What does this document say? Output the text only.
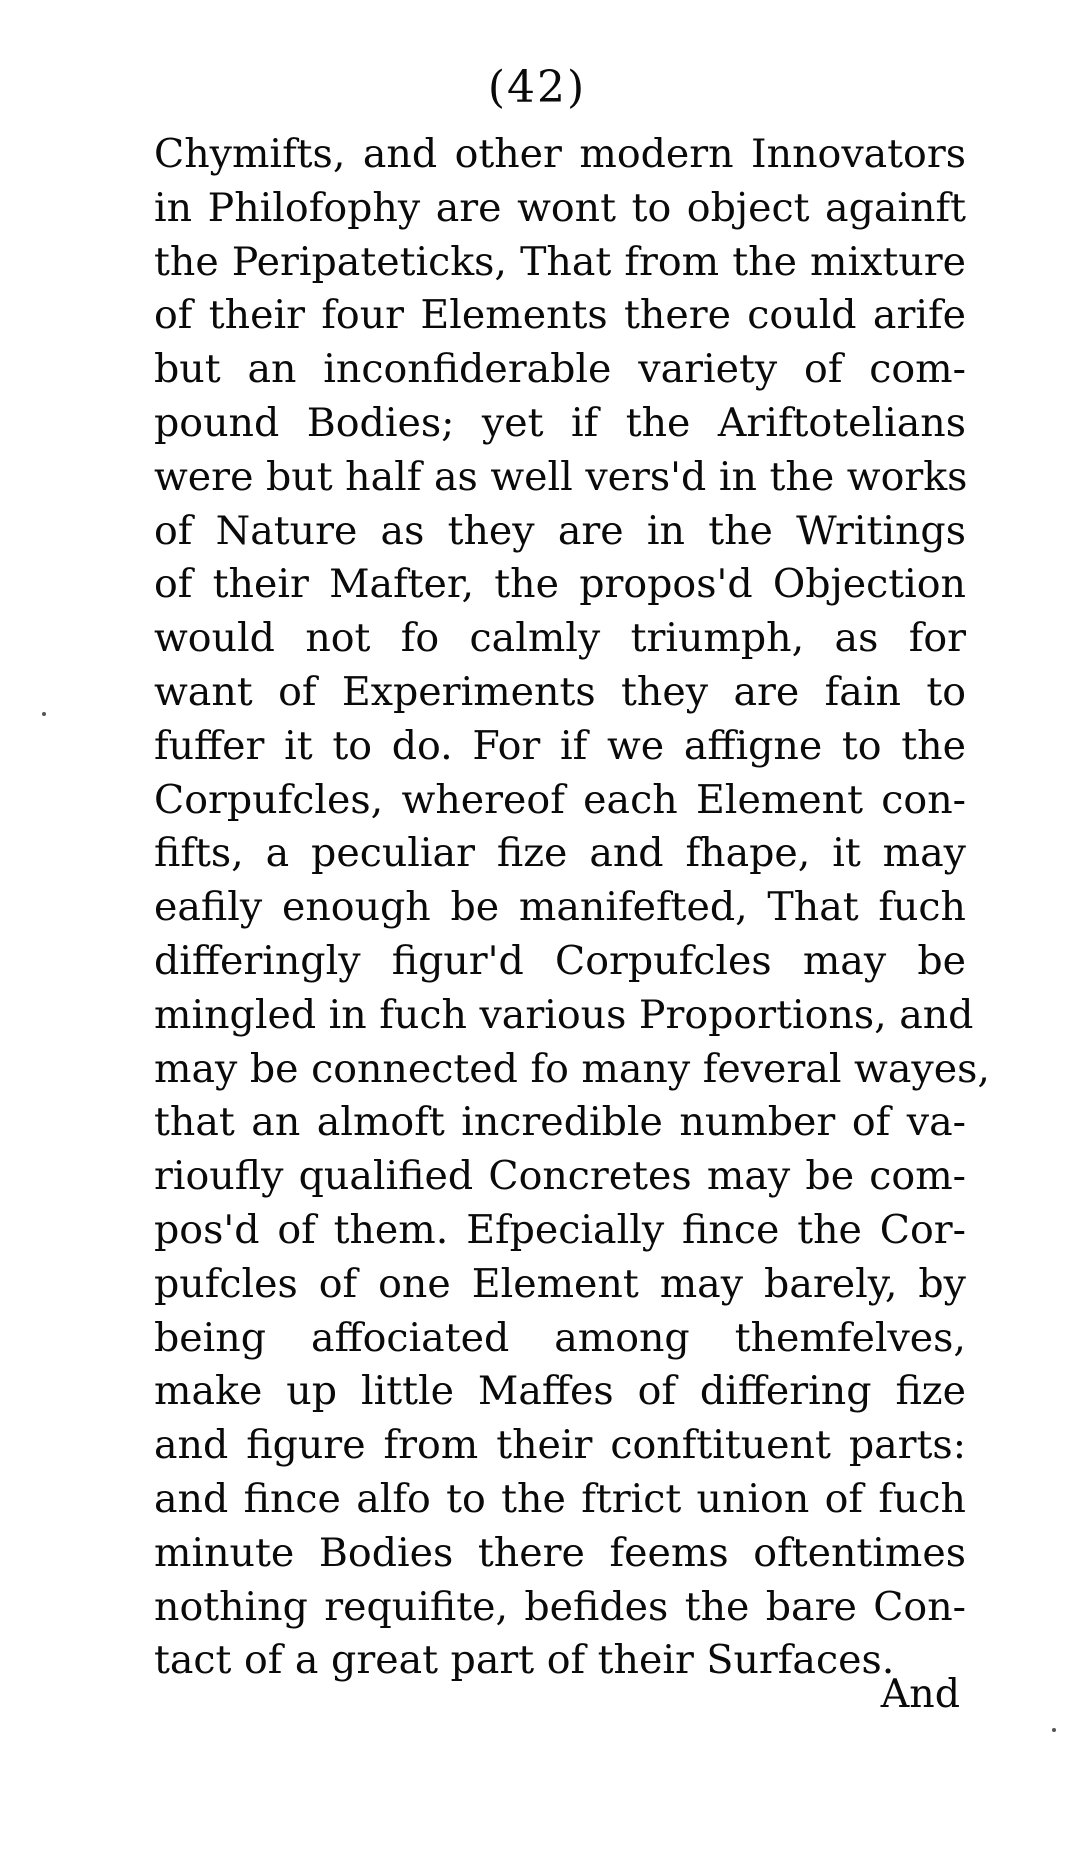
(42)
Chymifts, and other modern Innovators
in Philofophy are wont to object againft
the Peripateticks, That from the mixture
of their four Elements there could arife
but an inconfiderable variety of com-
pound Bodies; yet if the Ariftotelians
were but half as well vers'd in the works
of Nature as they are in the Writings
of their Mafter, the propos'd Objection
would not fo calmly triumph, as for
want of Experiments they are fain to
fuffer it to do. For if we affigne to the
Corpufcles, whereof each Element con-
fifts, a peculiar fize and fhape, it may
eafily enough be manifefted, That fuch
differingly figur'd Corpufcles may be
mingled in fuch various Proportions, and
may be connected fo many feveral wayes,
that an almoft incredible number of va-
rioufly qualified Concretes may be com-
pos'd of them. Efpecially fince the Cor-
pufcles of one Element may barely, by
being affociated among themfelves,
make up little Maffes of differing fize
and figure from their conftituent parts:
and fince alfo to the ftrict union of fuch
minute Bodies there feems oftentimes
nothing requifite, befides the bare Con-
tact of a great part of their Surfaces.
And
